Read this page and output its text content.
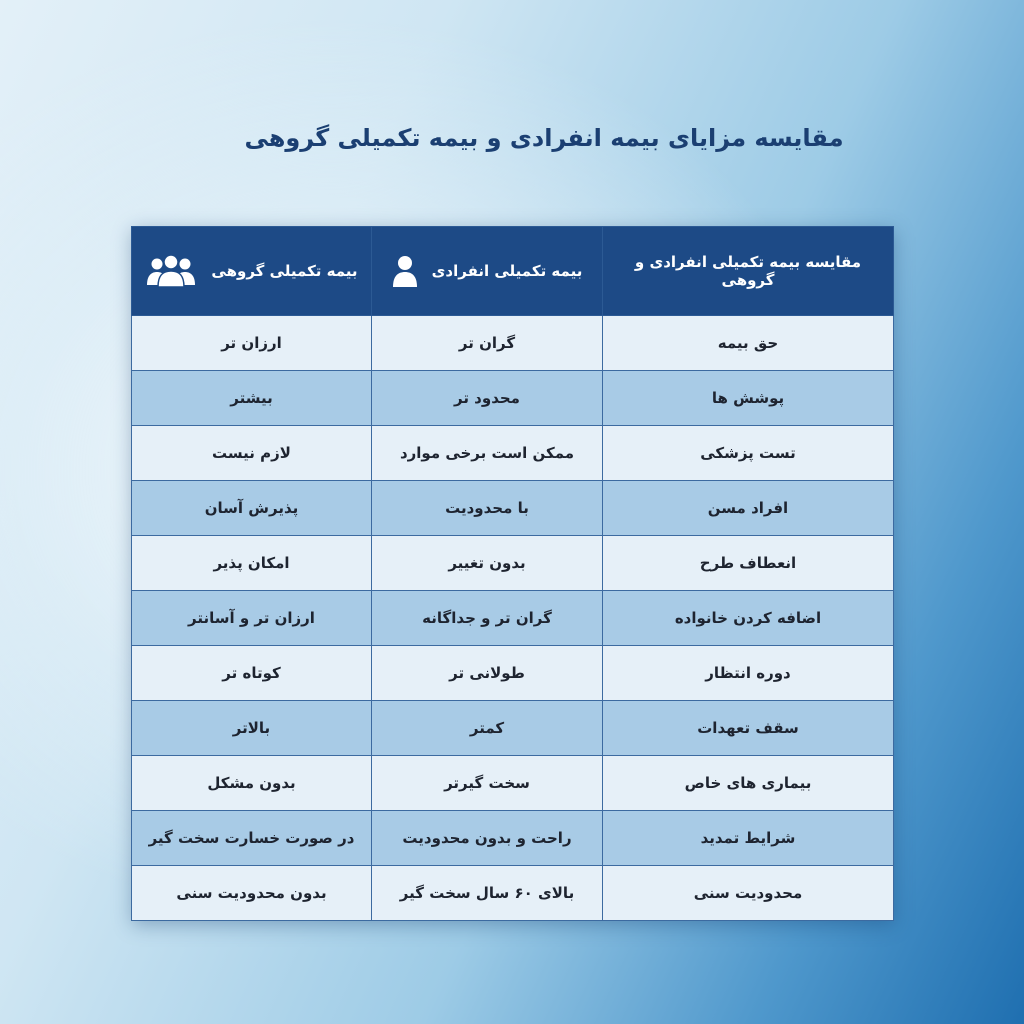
مقایسه مزایای بیمه انفرادی و بیمه تکمیلی گروهی
مقایسه بیمه تکمیلی انفرادی و گروهی	بیمه تکمیلی انفرادی	بیمه تکمیلی گروهی

حق بیمه	گران تر	ارزان تر
پوشش ها	محدود تر	بیشتر
تست پزشکی	ممکن است برخی موارد	لازم نیست
افراد مسن	با محدودیت	پذیرش آسان
انعطاف طرح	بدون تغییر	امکان پذیر
اضافه کردن خانواده	گران تر و جداگانه	ارزان تر و آسانتر
دوره انتظار	طولانی تر	کوتاه تر
سقف تعهدات	کمتر	بالاتر
بیماری های خاص	سخت گیرتر	بدون مشکل
شرایط تمدید	راحت و بدون محدودیت	در صورت خسارت سخت گیر
محدودیت سنی	بالای ۶۰ سال سخت گیر	بدون محدودیت سنی
